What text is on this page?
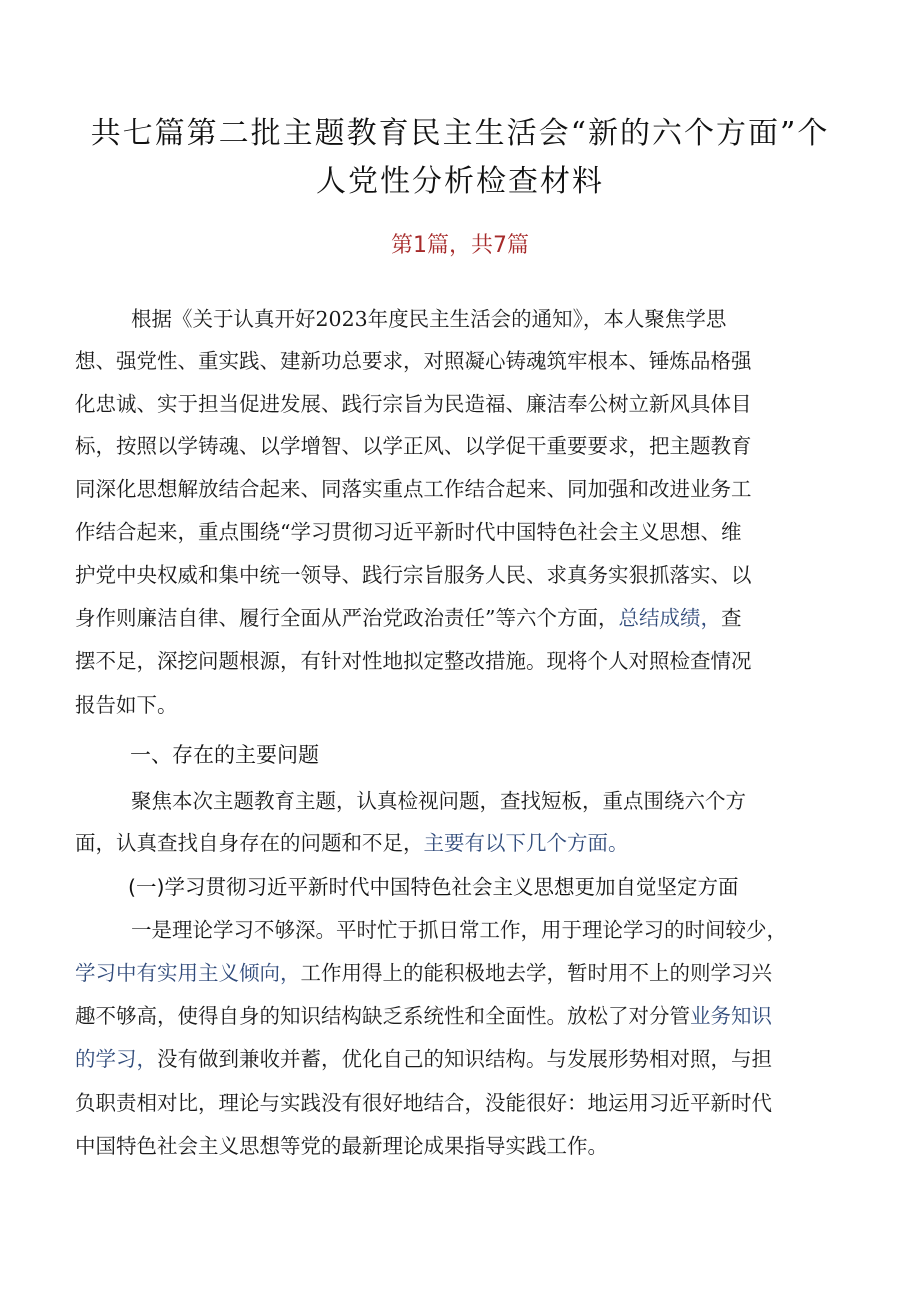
共七篇第二批主题教育民主生活会“新的六个方面”个
人党性分析检查材料
第1篇，共7篇
根据《关于认真开好2023年度民主生活会的通知》，本人聚焦学思
想、强党性、重实践、建新功总要求，对照凝心铸魂筑牢根本、锤炼品格强
化忠诚、实于担当促进发展、践行宗旨为民造福、廉洁奉公树立新风具体目
标，按照以学铸魂、以学增智、以学正风、以学促干重要要求，把主题教育
同深化思想解放结合起来、同落实重点工作结合起来、同加强和改进业务工
作结合起来，重点围绕“学习贯彻习近平新时代中国特色社会主义思想、维
护党中央权威和集中统一领导、践行宗旨服务人民、求真务实狠抓落实、以
身作则廉洁自律、履行全面从严治党政治责任”等六个方面，总结成绩，查
摆不足，深挖问题根源，有针对性地拟定整改措施。现将个人对照检查情况
报告如下。
一、存在的主要问题
聚焦本次主题教育主题，认真检视问题，查找短板，重点围绕六个方
面，认真查找自身存在的问题和不足，主要有以下几个方面。
(一)学习贯彻习近平新时代中国特色社会主义思想更加自觉坚定方面
一是理论学习不够深。平时忙于抓日常工作，用于理论学习的时间较少，
学习中有实用主义倾向，工作用得上的能积极地去学，暂时用不上的则学习兴
趣不够高，使得自身的知识结构缺乏系统性和全面性。放松了对分管业务知识
的学习，没有做到兼收并蓄，优化自己的知识结构。与发展形势相对照，与担
负职责相对比，理论与实践没有很好地结合，没能很好：地运用习近平新时代
中国特色社会主义思想等党的最新理论成果指导实践工作。
